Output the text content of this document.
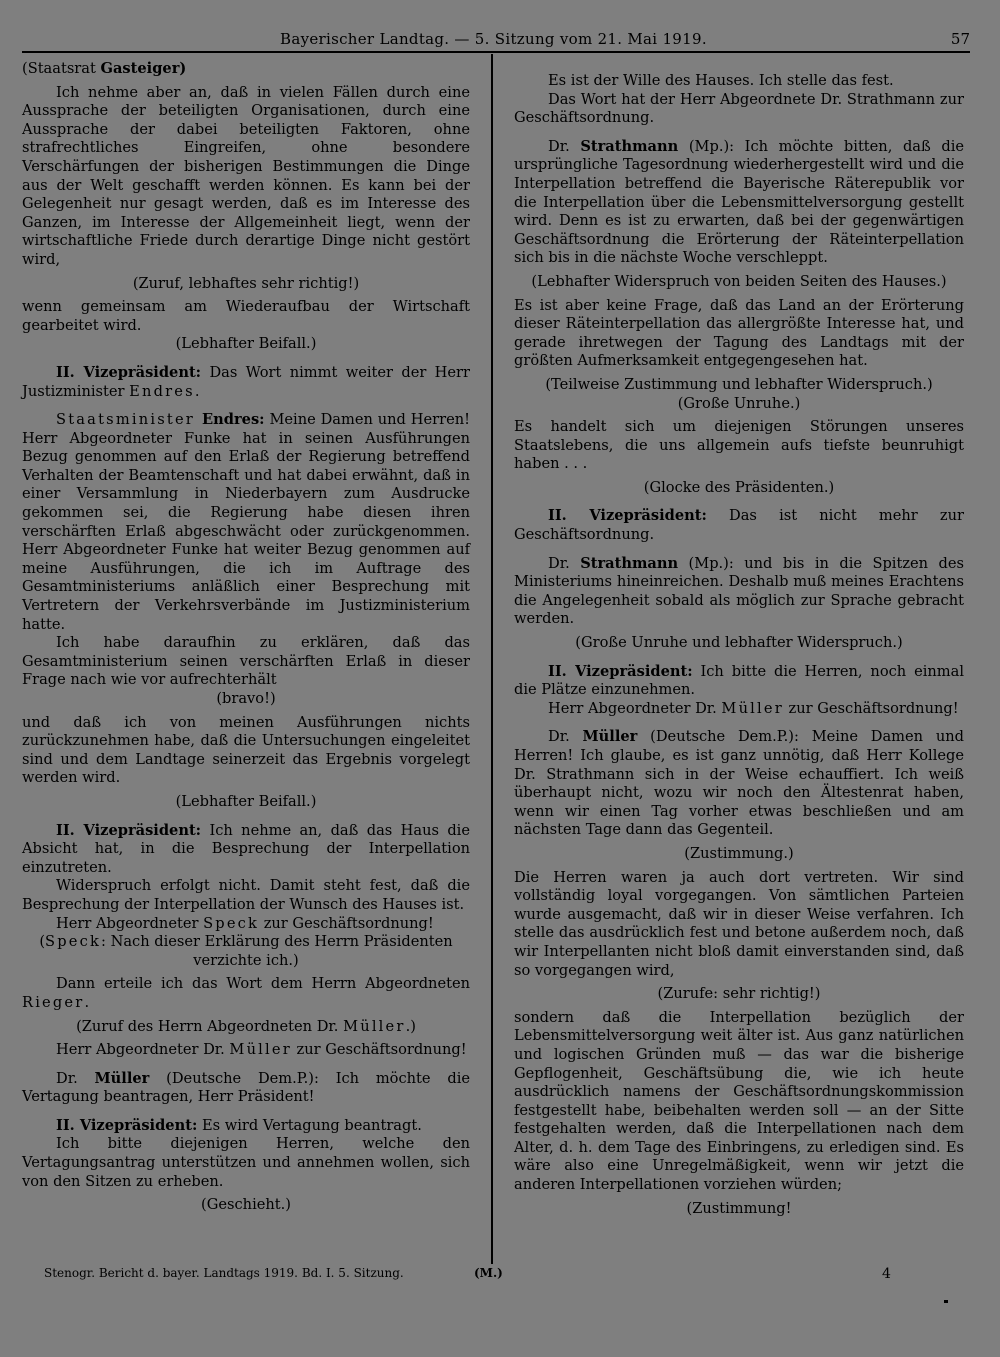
Bayerischer Landtag. — 5. Sitzung vom 21. Mai 1919.	57

(Staatsrat Gasteiger)

Ich nehme aber an, daß in vielen Fällen durch eine Aussprache der beteiligten Organisationen, durch eine Aussprache der dabei beteiligten Faktoren, ohne strafrechtliches Eingreifen, ohne besondere Verschärfungen der bisherigen Bestimmungen die Dinge aus der Welt geschafft werden können. Es kann bei der Gelegenheit nur gesagt werden, daß es im Interesse des Ganzen, im Interesse der Allgemeinheit liegt, wenn der wirtschaftliche Friede durch derartige Dinge nicht gestört wird,

(Zuruf, lebhaftes sehr richtig!)

wenn gemeinsam am Wiederaufbau der Wirtschaft gearbeitet wird.

(Lebhafter Beifall.)

II. Vizepräsident: Das Wort nimmt weiter der Herr Justizminister Endres.

Staatsminister Endres: Meine Damen und Herren! Herr Abgeordneter Funke hat in seinen Ausführungen Bezug genommen auf den Erlaß der Regierung betreffend Verhalten der Beamtenschaft und hat dabei erwähnt, daß in einer Versammlung in Niederbayern zum Ausdrucke gekommen sei, die Regierung habe diesen ihren verschärften Erlaß abgeschwächt oder zurückgenommen. Herr Abgeordneter Funke hat weiter Bezug genommen auf meine Ausführungen, die ich im Auftrage des Gesamtministeriums anläßlich einer Besprechung mit Vertretern der Verkehrsverbände im Justizministerium hatte.

Ich habe daraufhin zu erklären, daß das Gesamtministerium seinen verschärften Erlaß in dieser Frage nach wie vor aufrechterhält

(bravo!)

und daß ich von meinen Ausführungen nichts zurückzunehmen habe, daß die Untersuchungen eingeleitet sind und dem Landtage seinerzeit das Ergebnis vorgelegt werden wird.

(Lebhafter Beifall.)

II. Vizepräsident: Ich nehme an, daß das Haus die Absicht hat, in die Besprechung der Interpellation einzutreten.

Widerspruch erfolgt nicht. Damit steht fest, daß die Besprechung der Interpellation der Wunsch des Hauses ist.

Herr Abgeordneter Speck zur Geschäftsordnung!

(Speck: Nach dieser Erklärung des Herrn Präsidenten verzichte ich.)

Dann erteile ich das Wort dem Herrn Abgeordneten Rieger.

(Zuruf des Herrn Abgeordneten Dr. Müller.)

Herr Abgeordneter Dr. Müller zur Geschäftsordnung!

Dr. Müller (Deutsche Dem.P.): Ich möchte die Vertagung beantragen, Herr Präsident!

II. Vizepräsident: Es wird Vertagung beantragt.

Ich bitte diejenigen Herren, welche den Vertagungsantrag unterstützen und annehmen wollen, sich von den Sitzen zu erheben.

(Geschieht.)

Es ist der Wille des Hauses. Ich stelle das fest.

Das Wort hat der Herr Abgeordnete Dr. Strathmann zur Geschäftsordnung.

Dr. Strathmann (Mp.): Ich möchte bitten, daß die ursprüngliche Tagesordnung wiederhergestellt wird und die Interpellation betreffend die Bayerische Räterepublik vor die Interpellation über die Lebensmittelversorgung gestellt wird. Denn es ist zu erwarten, daß bei der gegenwärtigen Geschäftsordnung die Erörterung der Räteinterpellation sich bis in die nächste Woche verschleppt.

(Lebhafter Widerspruch von beiden Seiten des Hauses.)

Es ist aber keine Frage, daß das Land an der Erörterung dieser Räteinterpellation das allergrößte Interesse hat, und gerade ihretwegen der Tagung des Landtags mit der größten Aufmerksamkeit entgegengesehen hat.

(Teilweise Zustimmung und lebhafter Widerspruch.)

(Große Unruhe.)

Es handelt sich um diejenigen Störungen unseres Staatslebens, die uns allgemein aufs tiefste beunruhigt haben . . .

(Glocke des Präsidenten.)

II. Vizepräsident: Das ist nicht mehr zur Geschäftsordnung.

Dr. Strathmann (Mp.): und bis in die Spitzen des Ministeriums hineinreichen. Deshalb muß meines Erachtens die Angelegenheit sobald als möglich zur Sprache gebracht werden.

(Große Unruhe und lebhafter Widerspruch.)

II. Vizepräsident: Ich bitte die Herren, noch einmal die Plätze einzunehmen.

Herr Abgeordneter Dr. Müller zur Geschäftsordnung!

Dr. Müller (Deutsche Dem.P.): Meine Damen und Herren! Ich glaube, es ist ganz unnötig, daß Herr Kollege Dr. Strathmann sich in der Weise echauffiert. Ich weiß überhaupt nicht, wozu wir noch den Ältestenrat haben, wenn wir einen Tag vorher etwas beschließen und am nächsten Tage dann das Gegenteil.

(Zustimmung.)

Die Herren waren ja auch dort vertreten. Wir sind vollständig loyal vorgegangen. Von sämtlichen Parteien wurde ausgemacht, daß wir in dieser Weise verfahren. Ich stelle das ausdrücklich fest und betone außerdem noch, daß wir Interpellanten nicht bloß damit einverstanden sind, daß so vorgegangen wird,

(Zurufe: sehr richtig!)

sondern daß die Interpellation bezüglich der Lebensmittelversorgung weit älter ist. Aus ganz natürlichen und logischen Gründen muß — das war die bisherige Gepflogenheit, Geschäftsübung die, wie ich heute ausdrücklich namens der Geschäftsordnungskommission festgestellt habe, beibehalten werden soll — an der Sitte festgehalten werden, daß die Interpellationen nach dem Alter, d. h. dem Tage des Einbringens, zu erledigen sind. Es wäre also eine Unregelmäßigkeit, wenn wir jetzt die anderen Interpellationen vorziehen würden;

(Zustimmung!

Stenogr. Bericht d. bayer. Landtags 1919. Bd. I. 5. Sitzung.	(M.)	4
